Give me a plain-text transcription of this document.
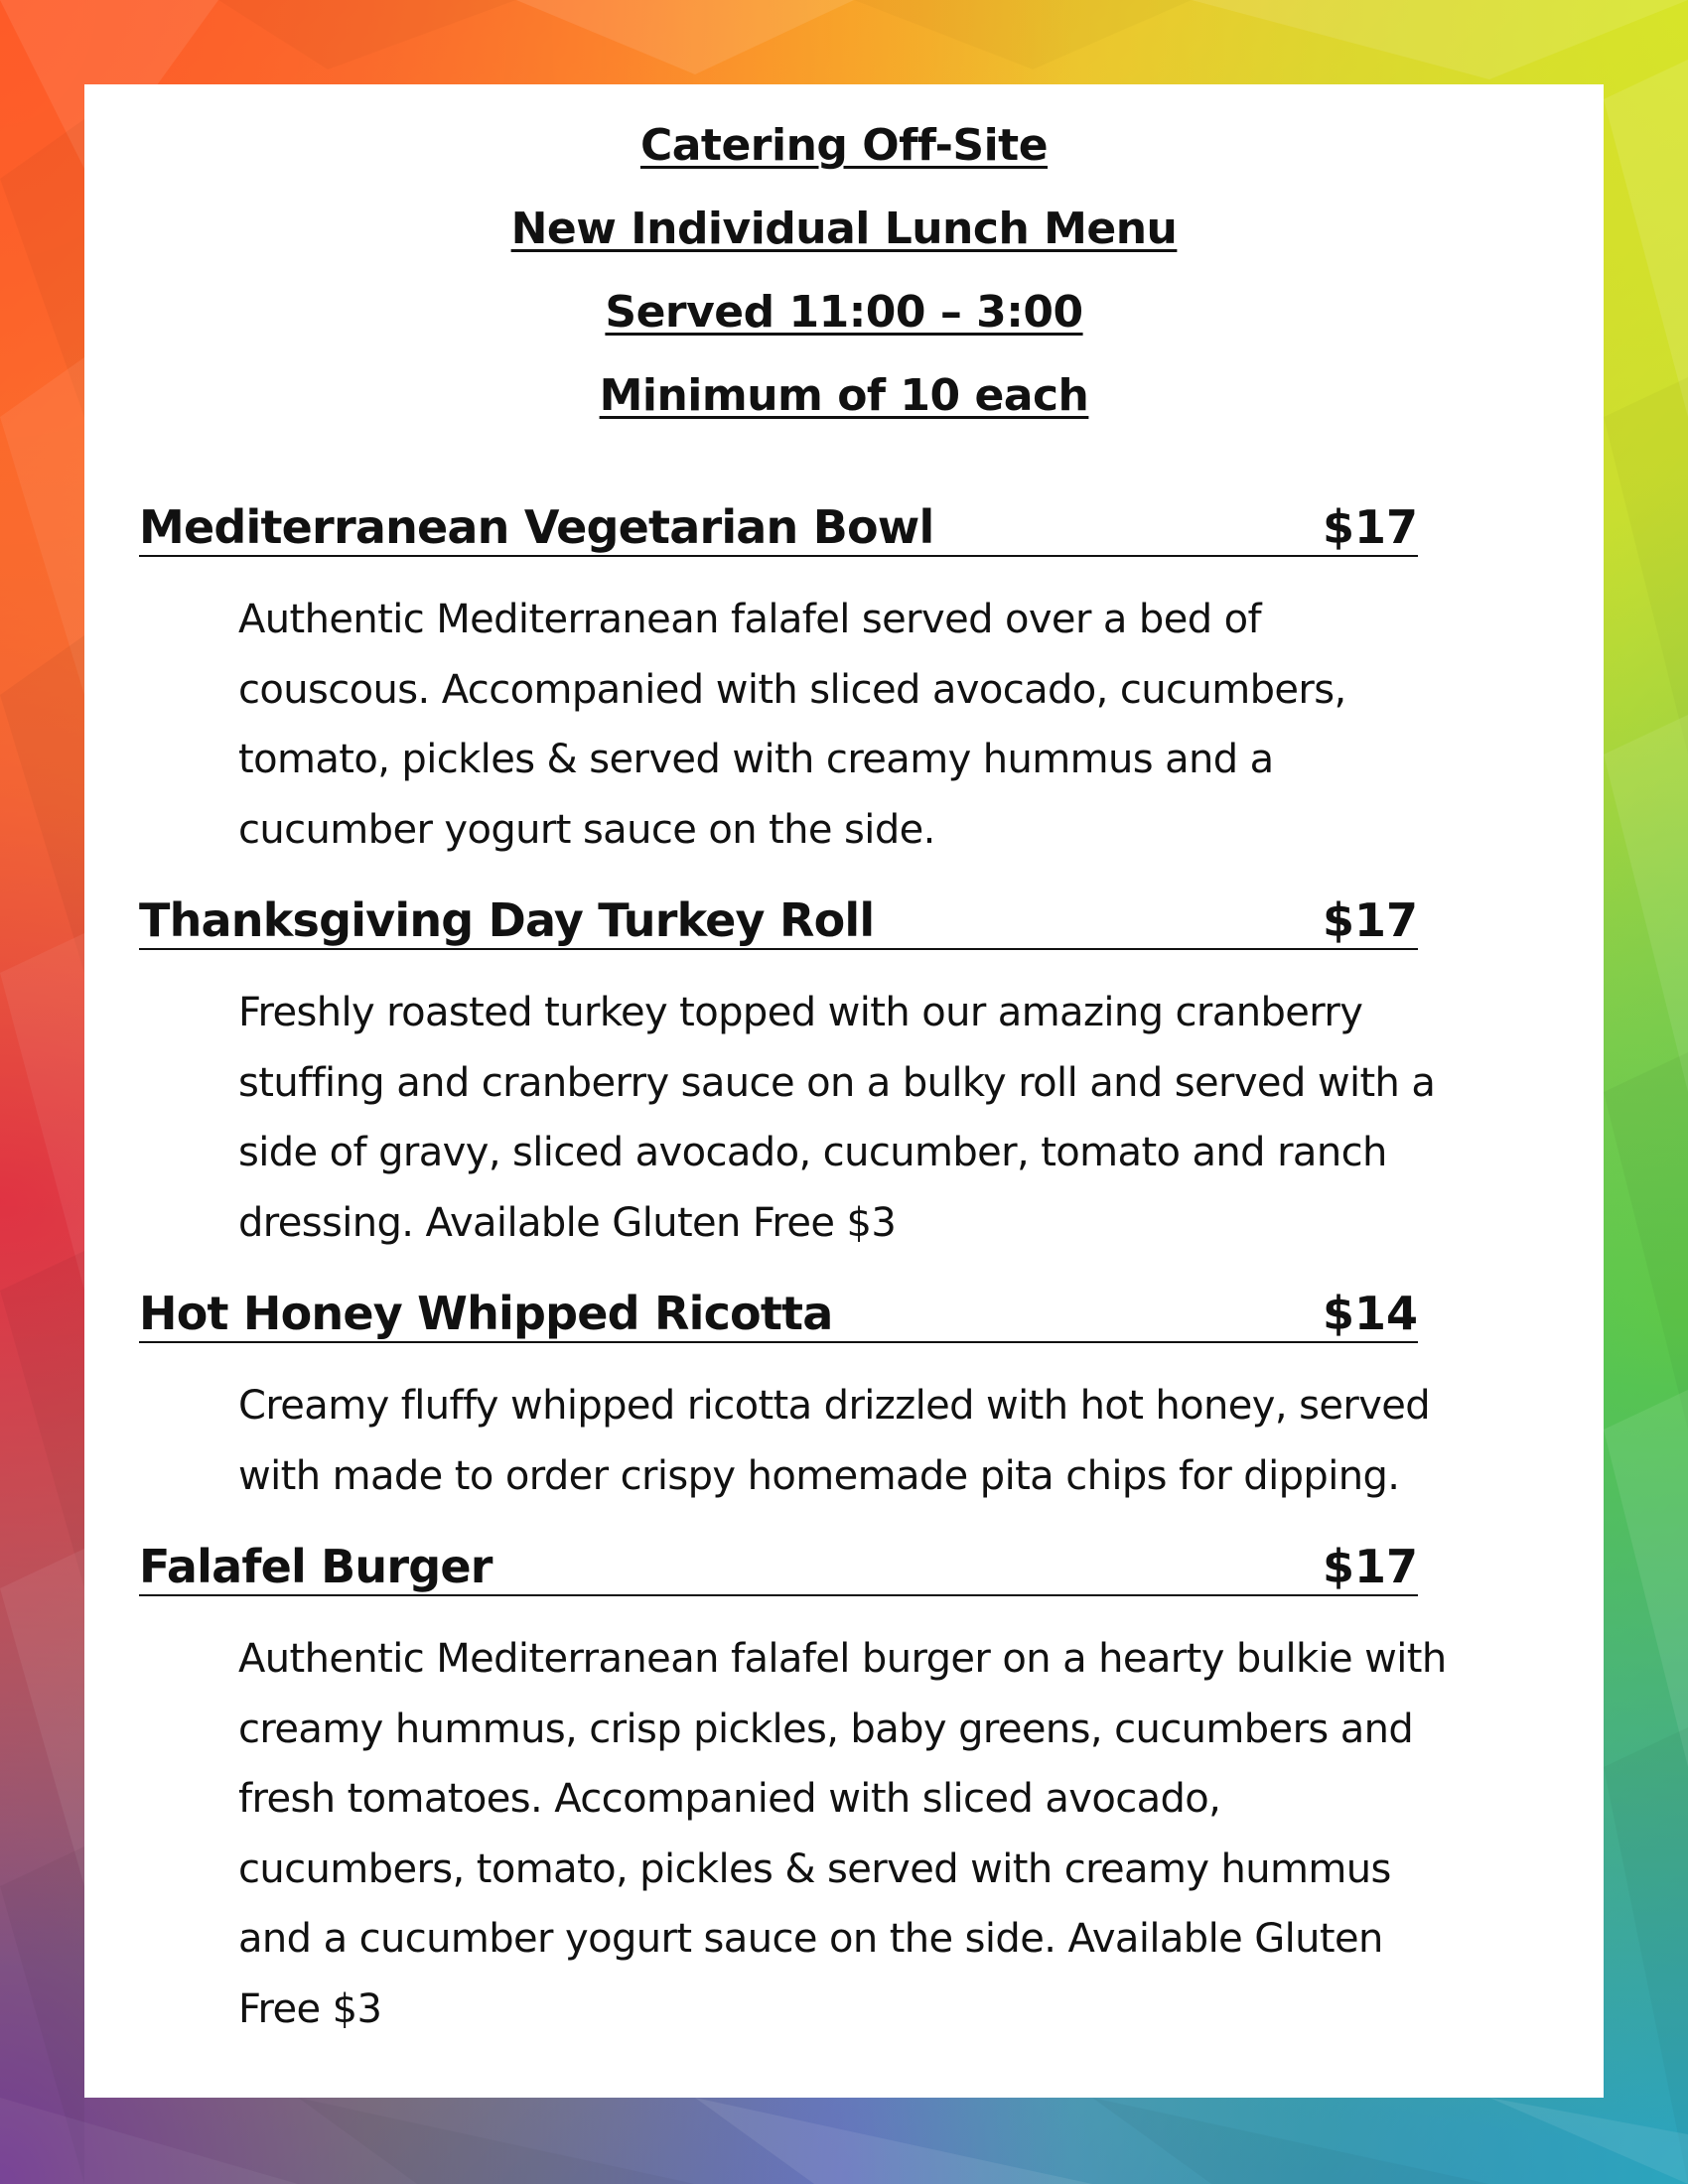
Catering Off-Site
New Individual Lunch Menu
Served 11:00 – 3:00
Minimum of 10 each
Mediterranean Vegetarian Bowl	$17
Authentic Mediterranean falafel served over a bed of
couscous. Accompanied with sliced avocado, cucumbers,
tomato, pickles & served with creamy hummus and a
cucumber yogurt sauce on the side.
Thanksgiving Day Turkey Roll	$17
Freshly roasted turkey topped with our amazing cranberry
stuffing and cranberry sauce on a bulky roll and served with a
side of gravy, sliced avocado, cucumber, tomato and ranch
dressing. Available Gluten Free $3
Hot Honey Whipped Ricotta	$14
Creamy fluffy whipped ricotta drizzled with hot honey, served
with made to order crispy homemade pita chips for dipping.
Falafel Burger	$17
Authentic Mediterranean falafel burger on a hearty bulkie with
creamy hummus, crisp pickles, baby greens, cucumbers and
fresh tomatoes. Accompanied with sliced avocado,
cucumbers, tomato, pickles & served with creamy hummus
and a cucumber yogurt sauce on the side. Available Gluten
Free $3
